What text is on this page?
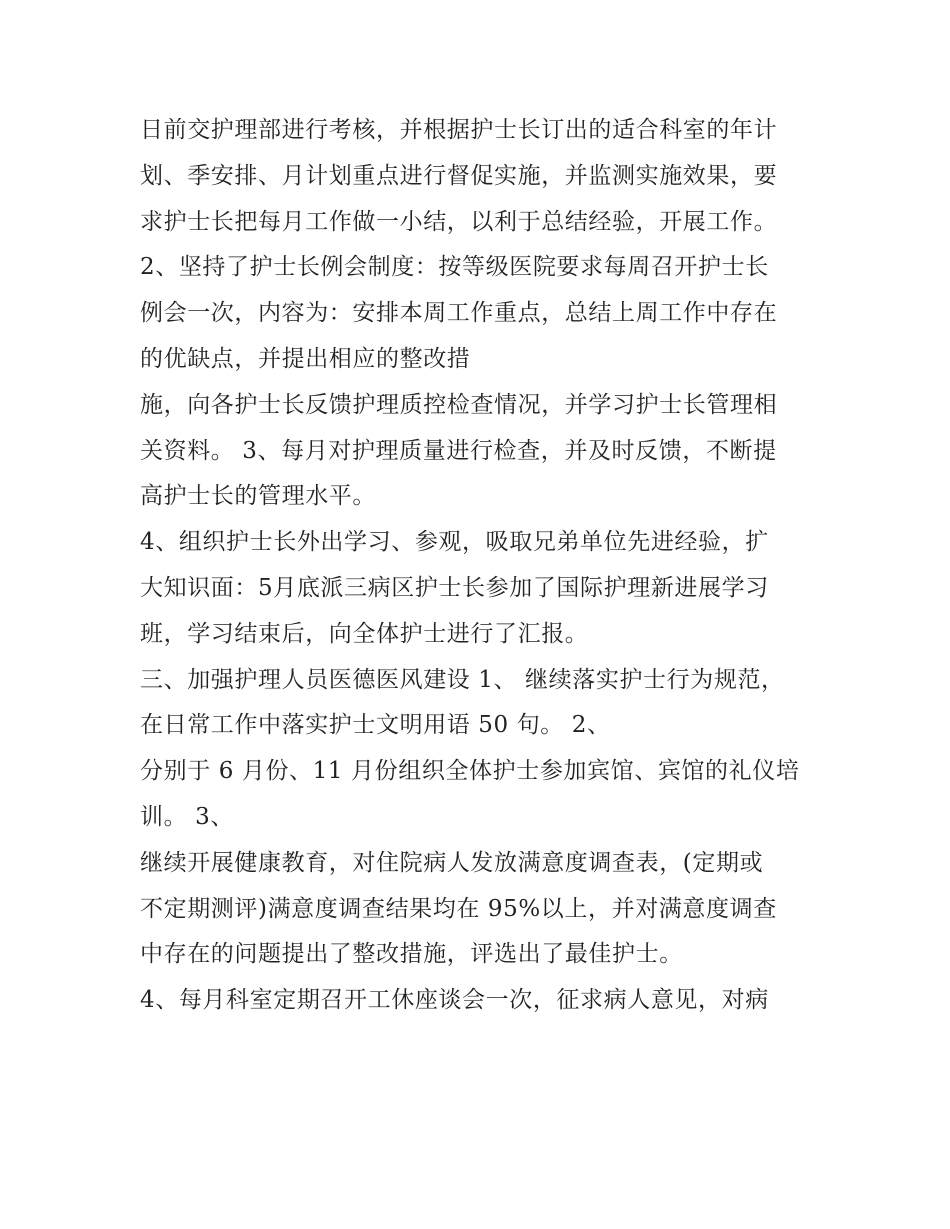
日前交护理部进行考核，并根据护士长订出的适合科室的年计
划、季安排、月计划重点进行督促实施，并监测实施效果，要
求护士长把每月工作做一小结，以利于总结经验，开展工作。
2、坚持了护士长例会制度：按等级医院要求每周召开护士长
例会一次，内容为：安排本周工作重点，总结上周工作中存在
的优缺点，并提出相应的整改措
施，向各护士长反馈护理质控检查情况，并学习护士长管理相
关资料。 3、每月对护理质量进行检查，并及时反馈，不断提
高护士长的管理水平。
4、组织护士长外出学习、参观，吸取兄弟单位先进经验，扩
大知识面：5月底派三病区护士长参加了国际护理新进展学习
班，学习结束后，向全体护士进行了汇报。
三、加强护理人员医德医风建设 1、 继续落实护士行为规范，
在日常工作中落实护士文明用语 50 句。 2、
分别于 6 月份、11 月份组织全体护士参加宾馆、宾馆的礼仪培
训。 3、
继续开展健康教育，对住院病人发放满意度调查表，(定期或
不定期测评)满意度调查结果均在 95%以上，并对满意度调查
中存在的问题提出了整改措施，评选出了最佳护士。
4、每月科室定期召开工休座谈会一次，征求病人意见，对病
